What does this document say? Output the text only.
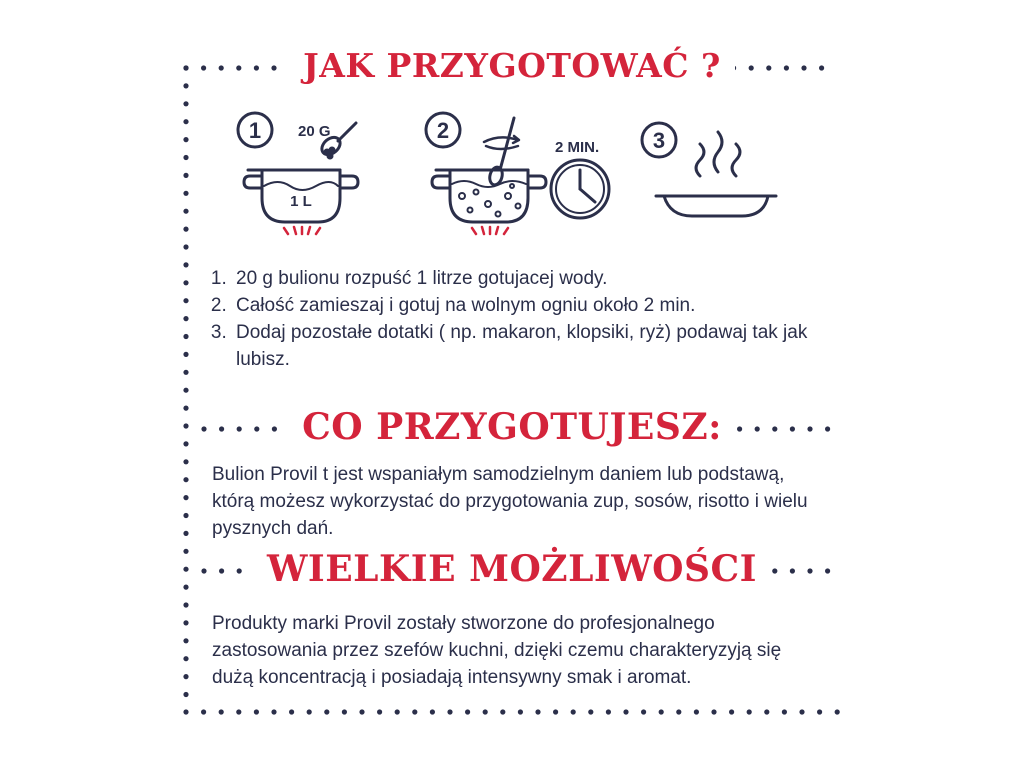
JAK PRZYGOTOWAĆ ?
CO PRZYGOTUJESZ:
WIELKIE MOŻLIWOŚCI
1 20 G
1 L
2
2 MIN. 3
1. 20 g bulionu rozpuść 1 litrze gotujacej wody.
2. Całość zamieszaj i gotuj na wolnym ogniu około 2 min.
3. Dodaj pozostałe dotatki ( np. makaron, klopsiki, ryż) podawaj tak jak lubisz.

Bulion Provil t jest wspaniałym samodzielnym daniem lub podstawą, którą możesz wykorzystać do przygotowania zup, sosów, risotto i wielu pysznych dań.

Produkty marki Provil zostały stworzone do profesjonalnego zastosowania przez szefów kuchni, dzięki czemu charakteryzyją się dużą koncentracją i posiadają intensywny smak i aromat.
